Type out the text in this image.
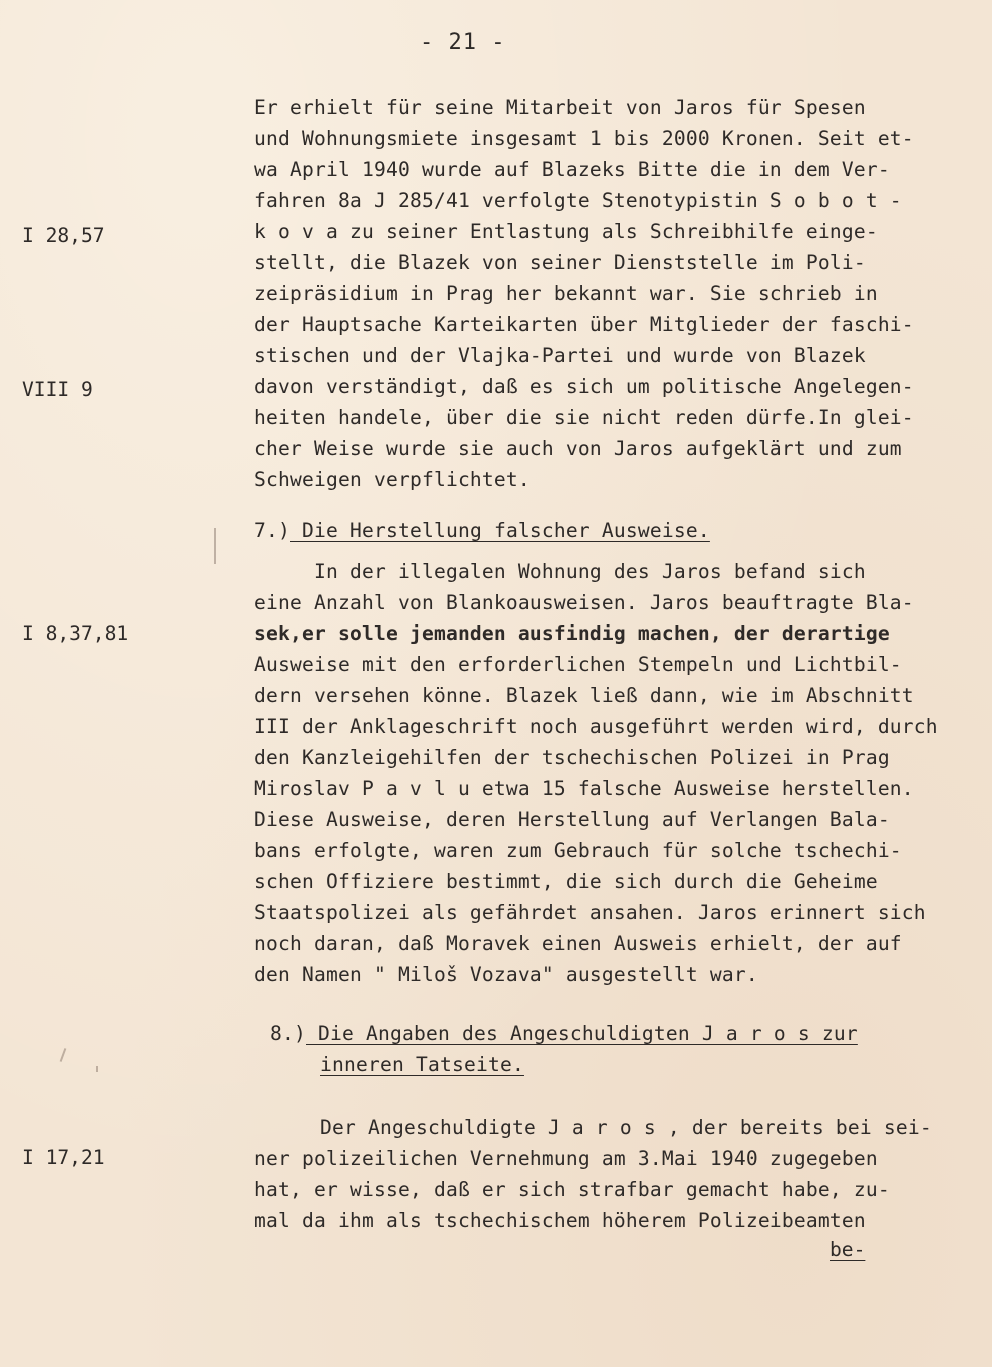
- 21 -
I 28,57
VIII 9
I 8,37,81
I 17,21
Er erhielt für seine Mitarbeit von Jaros für Spesen
und Wohnungsmiete insgesamt 1 bis 2000 Kronen. Seit et-
wa April 1940 wurde auf Blazeks Bitte die in dem Ver-
fahren 8a J 285/41 verfolgte Stenotypistin S o b o t -
k o v a zu seiner Entlastung als Schreibhilfe einge-
stellt, die Blazek von seiner Dienststelle im Poli-
zeipräsidium in Prag her bekannt war. Sie schrieb in
der Hauptsache Karteikarten über Mitglieder der faschi-
stischen und der Vlajka-Partei und wurde von Blazek
davon verständigt, daß es sich um politische Angelegen-
heiten handele, über die sie nicht reden dürfe.In glei-
cher Weise wurde sie auch von Jaros aufgeklärt und zum
Schweigen verpflichtet.
7.) Die Herstellung falscher Ausweise.
In der illegalen Wohnung des Jaros befand sich
eine Anzahl von Blankoausweisen. Jaros beauftragte Bla-
sek,er solle jemanden ausfindig machen, der derartige
Ausweise mit den erforderlichen Stempeln und Lichtbil-
dern versehen könne. Blazek ließ dann, wie im Abschnitt
III der Anklageschrift noch ausgeführt werden wird, durch
den Kanzleigehilfen der tschechischen Polizei in Prag
Miroslav P a v l u etwa 15 falsche Ausweise herstellen.
Diese Ausweise, deren Herstellung auf Verlangen Bala-
bans erfolgte, waren zum Gebrauch für solche tschechi-
schen Offiziere bestimmt, die sich durch die Geheime
Staatspolizei als gefährdet ansahen. Jaros erinnert sich
noch daran, daß Moravek einen Ausweis erhielt, der auf
den Namen " Miloš Vozava" ausgestellt war.
8.) Die Angaben des Angeschuldigten J a r o s zur
inneren Tatseite.
Der Angeschuldigte J a r o s , der bereits bei sei-
ner polizeilichen Vernehmung am 3.Mai 1940 zugegeben
hat, er wisse, daß er sich strafbar gemacht habe, zu-
mal da ihm als tschechischem höherem Polizeibeamten
be-
